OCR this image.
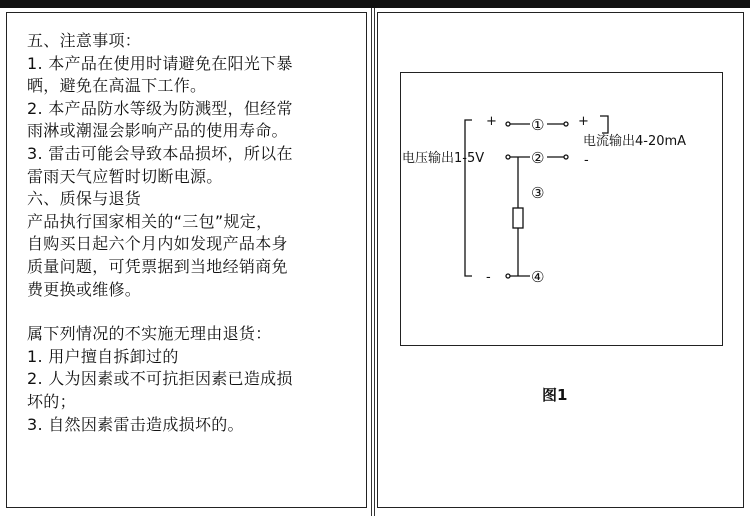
五、注意事项：
1. 本产品在使用时请避免在阳光下暴
晒，避免在高温下工作。
2. 本产品防水等级为防溅型，但经常
雨淋或潮湿会影响产品的使用寿命。
3. 雷击可能会导致本品损坏，所以在
雷雨天气应暂时切断电源。
六、质保与退货
产品执行国家相关的“三包”规定，
自购买日起六个月内如发现产品本身
质量问题，可凭票据到当地经销商免
费更换或维修。
属下列情况的不实施无理由退货：
1. 用户擅自拆卸过的
2. 人为因素或不可抗拒因素已造成损
坏的；
3. 自然因素雷击造成损坏的。
+	+
-
-
①
②
③
④
电压输出1-5V
电流输出4-20mA
图1
